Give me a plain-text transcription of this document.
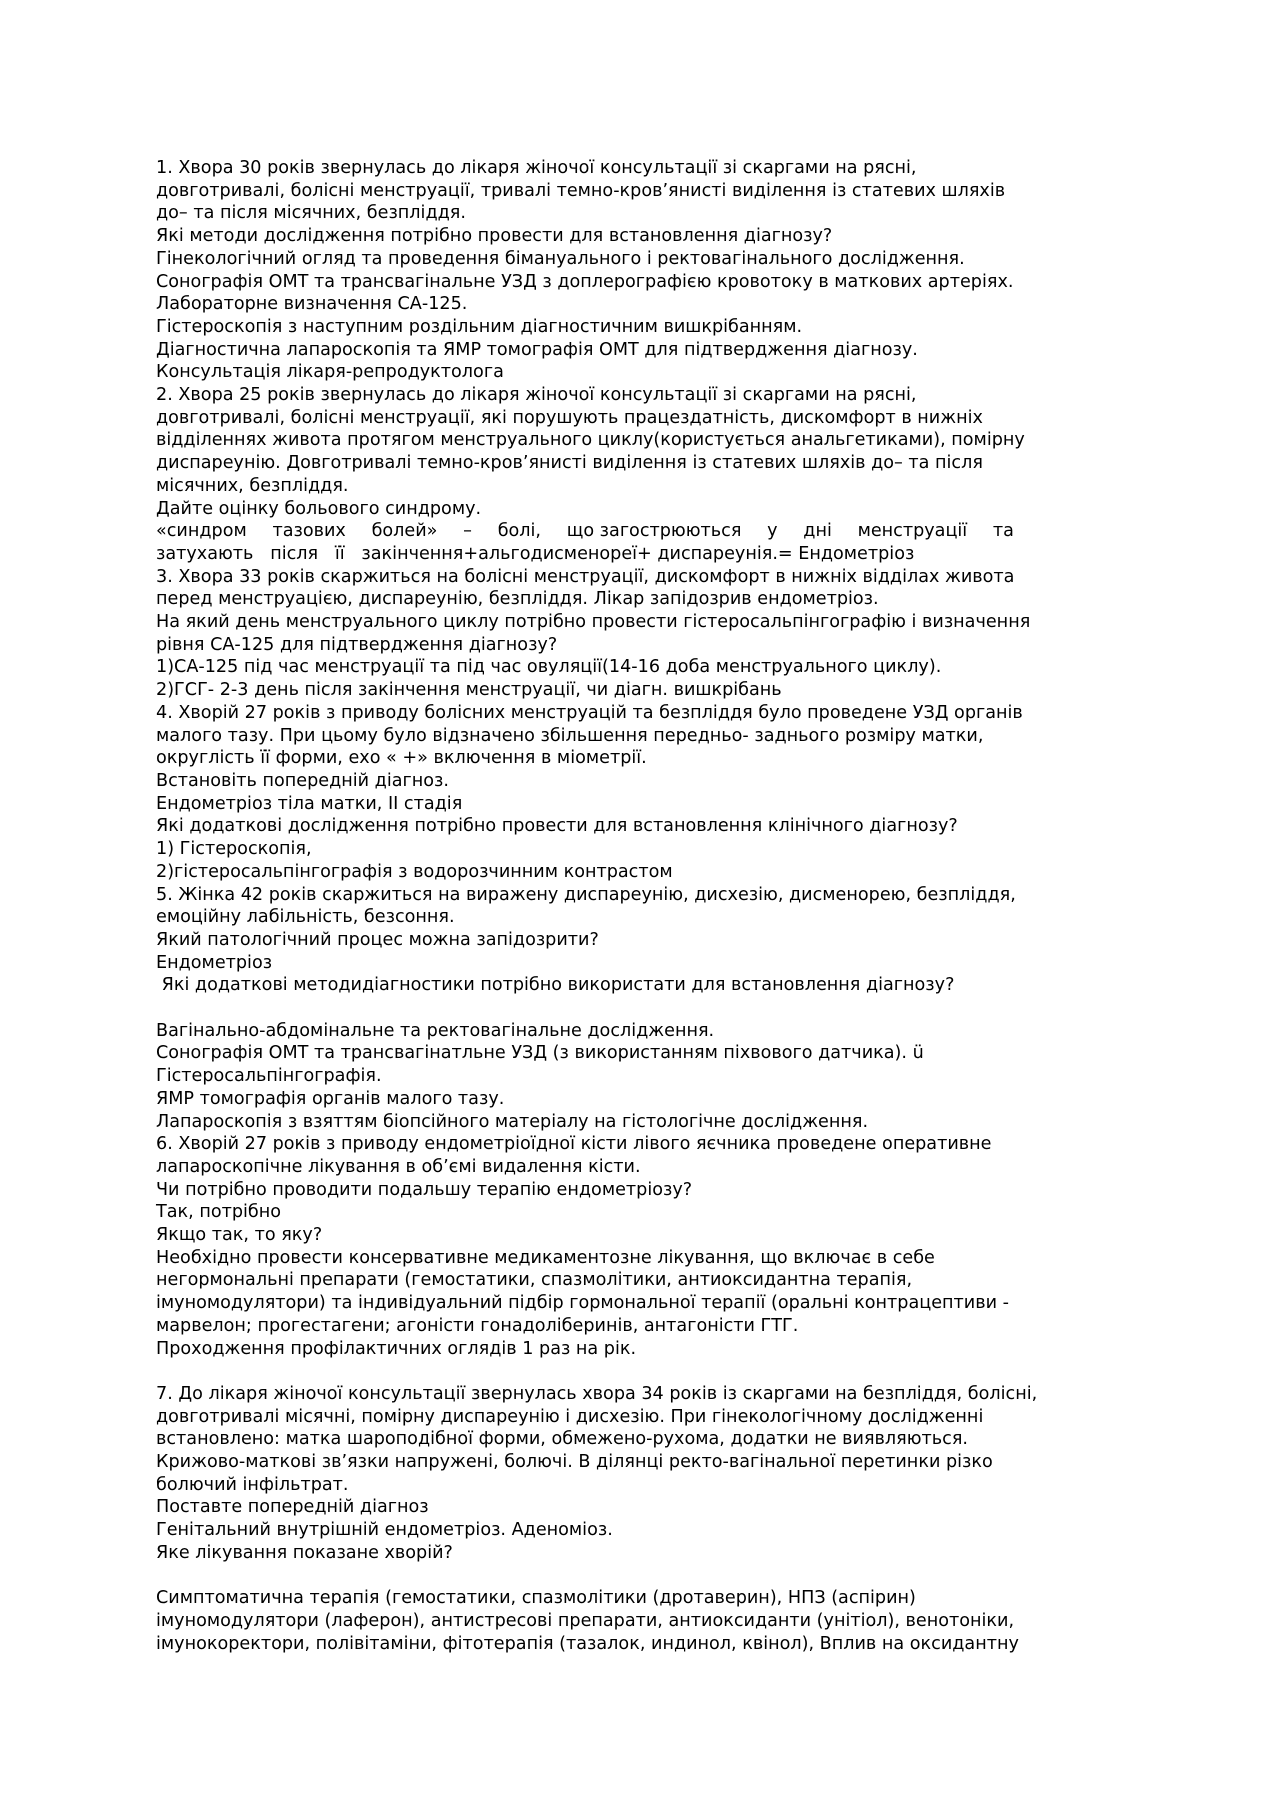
1. Хвора 30 років звернулась до лікаря жіночої консультації зі скаргами на рясні,
довготривалі, болісні менструації, тривалі темно-кров’янисті виділення із статевих шляхів
до– та після місячних, безпліддя.
Які методи дослідження потрібно провести для встановлення діагнозу?
Гінекологічний огляд та проведення бімануального і ректовагінального дослідження.
Сонографія ОМТ та трансвагінальне УЗД з доплерографією кровотоку в маткових артеріях.
Лабораторне визначення СА-125.
Гістероскопія з наступним роздільним діагностичним вишкрібанням.
Діагностична лапароскопія та ЯМР томографія ОМТ для підтвердження діагнозу.
Консультація лікаря-репродуктолога
2. Хвора 25 років звернулась до лікаря жіночої консультації зі скаргами на рясні,
довготривалі, болісні менструації, які порушують працездатність, дискомфорт в нижніх
відділеннях живота протягом менструального циклу(користується анальгетиками), помірну
диспареунію. Довготривалі темно-кров’янисті виділення із статевих шляхів до– та після
місячних, безпліддя.
Дайте оцінку больового синдрому.
«синдром тазових болей» – болі, що загострюються у дні менструації та
затухають   після   її   закінчення+альгодисменореї+ диспареунія.= Ендометріоз
3. Хвора 33 років скаржиться на болісні менструації, дискомфорт в нижніх відділах живота
перед менструацією, диспареунію, безпліддя. Лікар запідозрив ендометріоз.
На який день менструального циклу потрібно провести гістеросальпінгографію і визначення
рівня СА-125 для підтвердження діагнозу?
1)СА-125 під час менструації та під час овуляції(14-16 доба менструального циклу).
2)ГСГ- 2-3 день після закінчення менструації, чи діагн. вишкрібань
4. Хворій 27 років з приводу болісних менструацій та безпліддя було проведене УЗД органів
малого тазу. При цьому було відзначено збільшення передньо- заднього розміру матки,
округлість її форми, ехо « +» включення в міометрії.
Встановіть попередній діагноз.
Ендометріоз тіла матки, ІІ стадія
Які додаткові дослідження потрібно провести для встановлення клінічного діагнозу?
1) Гістероскопія,
2)гістеросальпінгографія з водорозчинним контрастом
5. Жінка 42 років скаржиться на виражену диспареунію, дисхезію, дисменорею, безпліддя,
емоційну лабільність, безсоння.
Який патологічний процес можна запідозрити?
Ендометріоз
Які додаткові методидіагностики потрібно використати для встановлення діагнозу?
Вагінально-абдомінальне та ректовагінальне дослідження.
Сонографія ОМТ та трансвагінатльне УЗД (з використанням піхвового датчика). ü
Гістеросальпінгографія.
ЯМР томографія органів малого тазу.
Лапароскопія з взяттям біопсійного матеріалу на гістологічне дослідження.
6. Хворій 27 років з приводу ендометріоїдної кісти лівого яєчника проведене оперативне
лапароскопічне лікування в об’ємі видалення кісти.
Чи потрібно проводити подальшу терапію ендометріозу?
Так, потрібно
Якщо так, то яку?
Необхідно провести консервативне медикаментозне лікування, що включає в себе
негормональні препарати (гемостатики, спазмолітики, антиоксидантна терапія,
імуномодулятори) та індивідуальний підбір гормональної терапії (оральні контрацептиви -
марвелон; прогестагени; агоністи гонадоліберинів, антагоністи ГТГ.
Проходження профілактичних оглядів 1 раз на рік.
7. До лікаря жіночої консультації звернулась хвора 34 років із скаргами на безпліддя, болісні,
довготривалі місячні, помірну диспареунію і дисхезію. При гінекологічному дослідженні
встановлено: матка шароподібної форми, обмежено-рухома, додатки не виявляються.
Крижово-маткові зв’язки напружені, болючі. В ділянці ректо-вагінальної перетинки різко
болючий інфільтрат.
Поставте попередній діагноз
Генітальний внутрішній ендометріоз. Аденоміоз.
Яке лікування показане хворій?
Симптоматична терапія (гемостатики, спазмолітики (дротаверин), НПЗ (аспірин)
імуномодулятори (лаферон), антистресові препарати, антиоксиданти (унітіол), венотоніки,
імунокоректори, полівітаміни, фітотерапія (тазалок, индинол, квінол), Вплив на оксидантну
